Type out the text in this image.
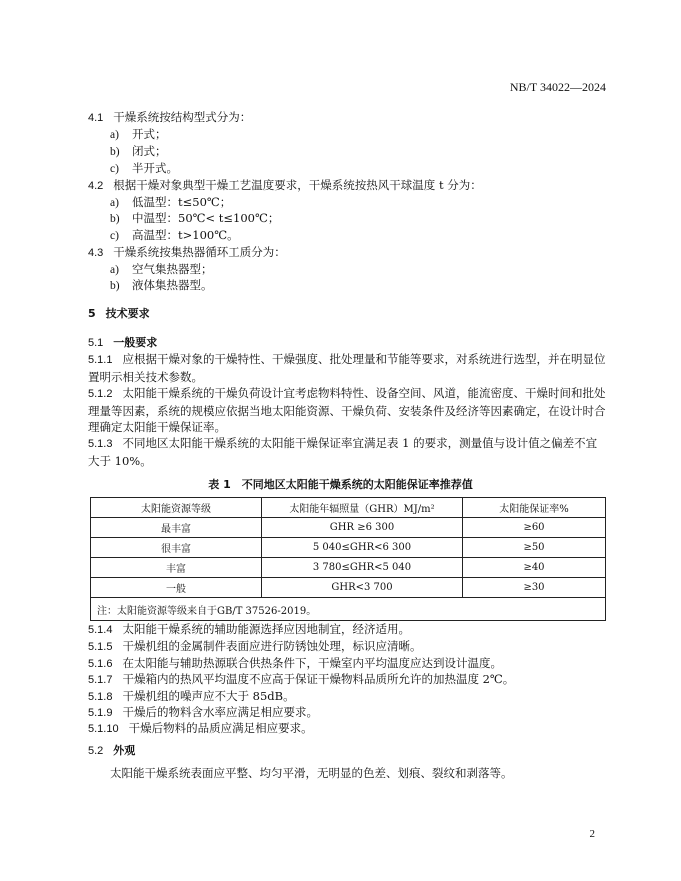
NB/T 34022—2024
4.1 干燥系统按结构型式分为：
a) 开式；
b) 闭式；
c) 半开式。
4.2 根据干燥对象典型干燥工艺温度要求，干燥系统按热风干球温度 t 分为：
a) 低温型：t≤50℃；
b) 中温型：50℃< t≤100℃；
c) 高温型：t>100℃。
4.3 干燥系统按集热器循环工质分为：
a) 空气集热器型；
b) 液体集热器型。
5 技术要求
5.1 一般要求
5.1.1 应根据干燥对象的干燥特性、干燥强度、批处理量和节能等要求，对系统进行选型，并在明显位置明示相关技术参数。
5.1.2 太阳能干燥系统的干燥负荷设计宜考虑物料特性、设备空间、风道，能流密度、干燥时间和批处理量等因素，系统的规模应依据当地太阳能资源、干燥负荷、安装条件及经济等因素确定，在设计时合理确定太阳能干燥保证率。
5.1.3 不同地区太阳能干燥系统的太阳能干燥保证率宜满足表 1 的要求，测量值与设计值之偏差不宜大于 10%。
表 1　不同地区太阳能干燥系统的太阳能保证率推荐值
太阳能资源等级	太阳能年辐照量（GHR）MJ/m²	太阳能保证率%
最丰富	GHR ≥6 300	≥60
很丰富	5 040≤GHR<6 300	≥50
丰富	3 780≤GHR<5 040	≥40
一般	GHR<3 700	≥30
注：太阳能资源等级来自于GB/T 37526-2019。		
5.1.4 太阳能干燥系统的辅助能源选择应因地制宜，经济适用。
5.1.5 干燥机组的金属制件表面应进行防锈蚀处理，标识应清晰。
5.1.6 在太阳能与辅助热源联合供热条件下，干燥室内平均温度应达到设计温度。
5.1.7 干燥箱内的热风平均温度不应高于保证干燥物料品质所允许的加热温度 2℃。
5.1.8 干燥机组的噪声应不大于 85dB。
5.1.9 干燥后的物料含水率应满足相应要求。
5.1.10 干燥后物料的品质应满足相应要求。
5.2 外观
太阳能干燥系统表面应平整、均匀平滑，无明显的色差、划痕、裂纹和剥落等。
2
